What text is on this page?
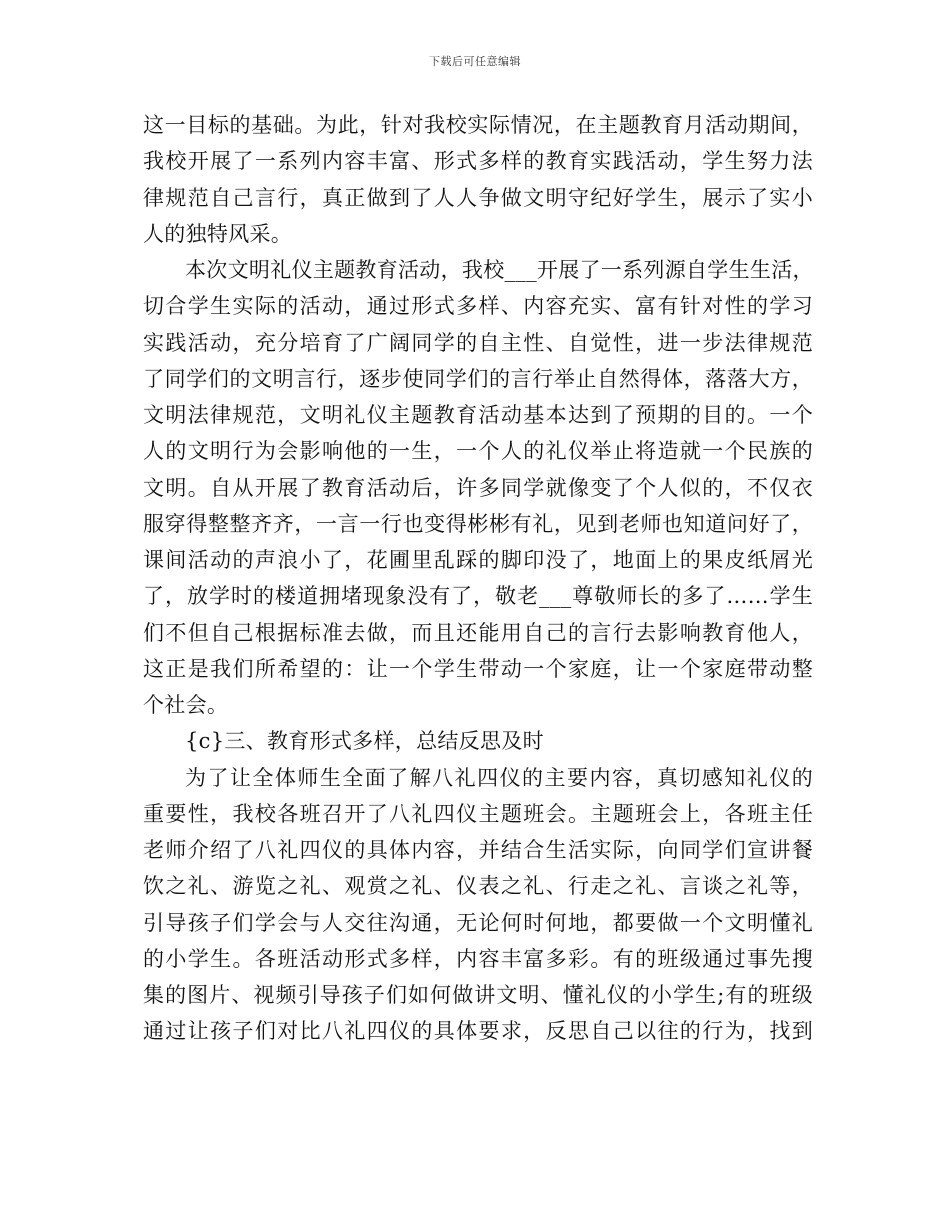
下载后可任意编辑
这一目标的基础。为此，针对我校实际情况，在主题教育月活动期间，
我校开展了一系列内容丰富、形式多样的教育实践活动，学生努力法
律规范自己言行，真正做到了人人争做文明守纪好学生，展示了实小
人的独特风采。
本次文明礼仪主题教育活动，我校___开展了一系列源自学生生活，
切合学生实际的活动，通过形式多样、内容充实、富有针对性的学习
实践活动，充分培育了广阔同学的自主性、自觉性，进一步法律规范
了同学们的文明言行，逐步使同学们的言行举止自然得体，落落大方，
文明法律规范，文明礼仪主题教育活动基本达到了预期的目的。一个
人的文明行为会影响他的一生，一个人的礼仪举止将造就一个民族的
文明。自从开展了教育活动后，许多同学就像变了个人似的，不仅衣
服穿得整整齐齐，一言一行也变得彬彬有礼，见到老师也知道问好了，
课间活动的声浪小了，花圃里乱踩的脚印没了，地面上的果皮纸屑光
了，放学时的楼道拥堵现象没有了，敬老___尊敬师长的多了……学生
们不但自己根据标准去做，而且还能用自己的言行去影响教育他人，
这正是我们所希望的：让一个学生带动一个家庭，让一个家庭带动整
个社会。
{c}三、教育形式多样，总结反思及时
为了让全体师生全面了解八礼四仪的主要内容，真切感知礼仪的
重要性，我校各班召开了八礼四仪主题班会。主题班会上，各班主任
老师介绍了八礼四仪的具体内容，并结合生活实际，向同学们宣讲餐
饮之礼、游览之礼、观赏之礼、仪表之礼、行走之礼、言谈之礼等，
引导孩子们学会与人交往沟通，无论何时何地，都要做一个文明懂礼
的小学生。各班活动形式多样，内容丰富多彩。有的班级通过事先搜
集的图片、视频引导孩子们如何做讲文明、懂礼仪的小学生;有的班级
通过让孩子们对比八礼四仪的具体要求，反思自己以往的行为，找到
